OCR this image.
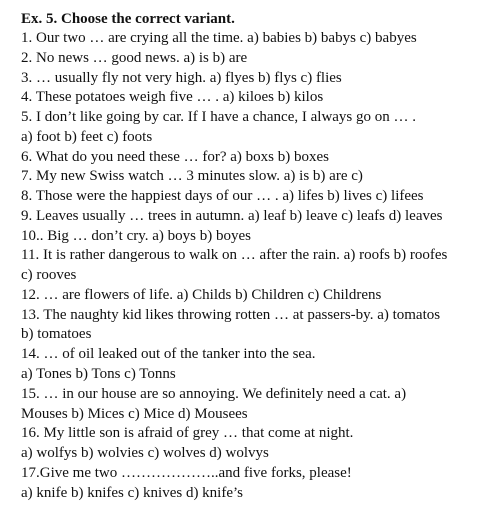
Ex. 5. Choose the correct variant.
1. Our two … are crying all the time. a) babies b) babys c) babyes
2. No news … good news. a) is b) are
3. … usually fly not very high. a) flyes b) flys c) flies
4. These potatoes weigh five … . a) kiloes b) kilos
5. I don’t like going by car. If I have a chance, I always go on … .
a) foot b) feet c) foots
6. What do you need these … for? a) boxs b) boxes
7. My new Swiss watch … 3 minutes slow. a) is b) are c)
8. Those were the happiest days of our … . a) lifes b) lives c) lifees
9. Leaves usually … trees in autumn. a) leaf b) leave c) leafs d) leaves
10.. Big … don’t cry. a) boys b) boyes
11. It is rather dangerous to walk on … after the rain. a) roofs b) roofes
c) rooves
12. … are flowers of life. a) Childs b) Children c) Childrens
13. The naughty kid likes throwing rotten … at passers-by. a) tomatos
b) tomatoes
14. … of oil leaked out of the tanker into the sea.
a) Tones b) Tons c) Tonns
15. … in our house are so annoying. We definitely need a cat. a)
Mouses b) Mices c) Mice d) Mousees
16. My little son is afraid of grey … that come at night.
a) wolfys b) wolvies c) wolves d) wolvys
17.Give me two ………………..and five forks, please!
a) knife b) knifes c) knives d) knife’s
